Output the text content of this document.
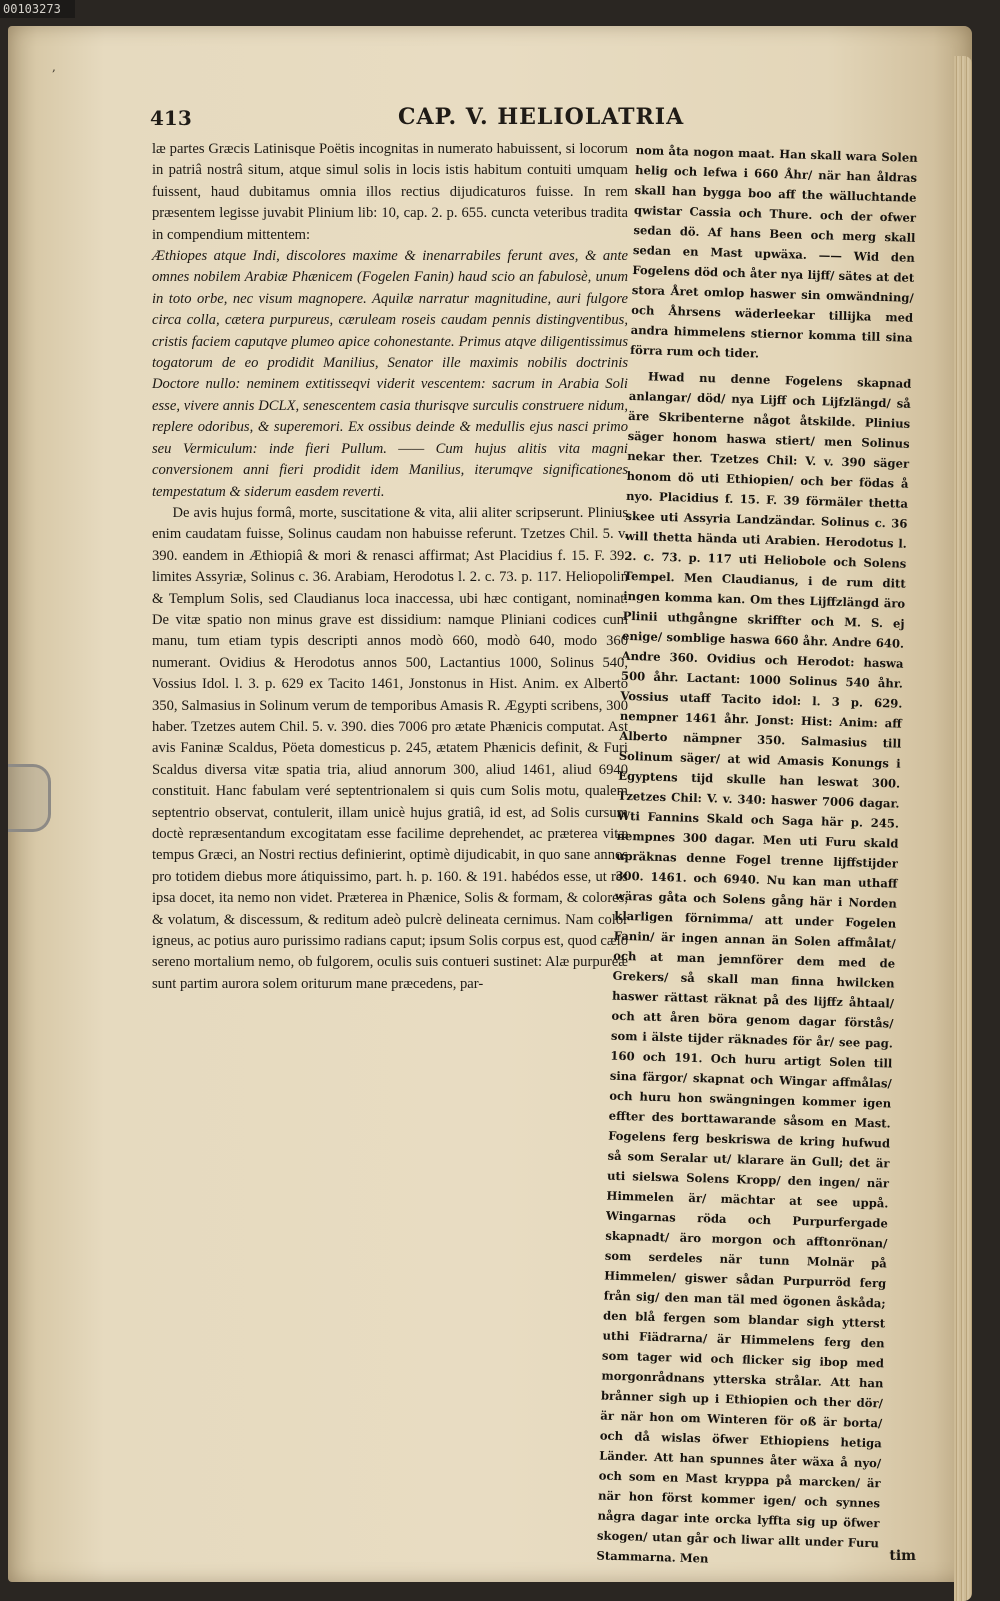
00103273
,
413	CAP. V. HELIOLATRIA

læ partes Græcis Latinisque Poëtis incognitas in numerato habuissent, si locorum in patriâ nostrâ situm, atque simul solis in locis istis habitum contuiti umquam fuissent, haud dubitamus omnia illos rectius dijudicaturos fuisse. In rem præsentem legisse juvabit Plinium lib: 10, cap. 2. p. 655. cuncta veteribus tradita in compendium mittentem:

Æthiopes atque Indi, discolores maxime & inenarrabiles ferunt aves, & ante omnes nobilem Arabiæ Phænicem (Fogelen Fanin) haud scio an fabulosè, unum in toto orbe, nec visum magnopere. Aquilæ narratur magnitudine, auri fulgore circa colla, cætera purpureus, cæruleam roseis caudam pennis distingventibus, cristis faciem caputqve plumeo apice cohonestante. Primus atqve diligentissimus togatorum de eo prodidit Manilius, Senator ille maximis nobilis doctrinis Doctore nullo: neminem extitisseqvi viderit vescentem: sacrum in Arabia Soli esse, vivere annis DCLX, senescentem casia thurisqve surculis construere nidum, replere odoribus, & superemori. Ex ossibus deinde & medullis ejus nasci primo seu Vermiculum: inde fieri Pullum. —— Cum hujus alitis vita magni conversionem anni fieri prodidit idem Manilius, iterumqve significationes tempestatum & siderum easdem reverti.

De avis hujus formâ, morte, suscitatione & vita, alii aliter scripserunt. Plinius enim caudatam fuisse, Solinus caudam non habuisse referunt. Tzetzes Chil. 5. v. 390. eandem in Æthiopiâ & mori & renasci affirmat; Ast Placidius f. 15. F. 39. limites Assyriæ, Solinus c. 36. Arabiam, Herodotus l. 2. c. 73. p. 117. Heliopolin & Templum Solis, sed Claudianus loca inaccessa, ubi hæc contigant, nominat. De vitæ spatio non minus grave est dissidium: namque Pliniani codices cum manu, tum etiam typis descripti annos modò 660, modò 640, modo 360 numerant. Ovidius & Herodotus annos 500, Lactantius 1000, Solinus 540, Vossius Idol. l. 3. p. 629 ex Tacito 1461, Jonstonus in Hist. Anim. ex Alberto 350, Salmasius in Solinum verum de temporibus Amasis R. Ægypti scribens, 300 haber. Tzetzes autem Chil. 5. v. 390. dies 7006 pro ætate Phænicis computat. Ast avis Faninæ Scaldus, Pöeta domesticus p. 245, ætatem Phænicis definit, & Furi Scaldus diversa vitæ spatia tria, aliud annorum 300, aliud 1461, aliud 6940 constituit. Hanc fabulam veré septentrionalem si quis cum Solis motu, qualem septentrio observat, contulerit, illam unicè hujus gratiâ, id est, ad Solis cursum doctè repræsentandum excogitatam esse facilime deprehendet, ac præterea vitæ tempus Græci, an Nostri rectius definierint, optimè dijudicabit, in quo sane annos pro totidem diebus more átiquissimo, part. h. p. 160. & 191. habédos esse, ut res ipsa docet, ita nemo non videt. Præterea in Phænice, Solis & formam, & colores, & volatum, & discessum, & reditum adeò pulcrè delineata cernimus. Nam color igneus, ac potius auro purissimo radians caput; ipsum Solis corpus est, quod cælo sereno mortalium nemo, ob fulgorem, oculis suis contueri sustinet: Alæ purpureæ sunt partim aurora solem oriturum mane præcedens, par-

nom åta nogon maat. Han skall wara Solen helig och lefwa i 660 Åhr/ när han åldras skall han bygga boo aff the wälluchtande qwistar Cassia och Thure. och der ofwer sedan dö. Af hans Been och merg skall sedan en Mast upwäxa. —— Wid den Fogelens död och åter nya lijff/ sätes at det stora Året omlop haswer sin omwändning/ och Åhrsens wäderleekar tillijka med andra himmelens stiernor komma till sina förra rum och tider.

Hwad nu denne Fogelens skapnad anlangar/ död/ nya Lijff och Lijfzlängd/ så äre Skribenterne något åtskilde. Plinius säger honom haswa stiert/ men Solinus nekar ther. Tzetzes Chil: V. v. 390 säger honom dö uti Ethiopien/ och ber födas å nyo. Placidius f. 15. F. 39 förmäler thetta skee uti Assyria Landzändar. Solinus c. 36 will thetta hända uti Arabien. Herodotus l. 2. c. 73. p. 117 uti Heliobole och Solens Tempel. Men Claudianus, i de rum ditt ingen komma kan. Om thes Lijffzlängd äro Plinii uthgångne skriffter och M. S. ej enige/ somblige haswa 660 åhr. Andre 640. Andre 360. Ovidius och Herodot: haswa 500 åhr. Lactant: 1000 Solinus 540 åhr. Vossius utaff Tacito idol: l. 3 p. 629. nempner 1461 åhr. Jonst: Hist: Anim: aff Alberto nämpner 350. Salmasius till Solinum säger/ at wid Amasis Konungs i Egyptens tijd skulle han leswat 300. Tzetzes Chil: V. v. 340: haswer 7006 dagar. Wti Fannins Skald och Saga här p. 245. nempnes 300 dagar. Men uti Furu skald upräknas denne Fogel trenne lijffstijder 300. 1461. och 6940. Nu kan man uthaff wäras gåta och Solens gång här i Norden klarligen förnimma/ att under Fogelen Fanin/ är ingen annan än Solen affmålat/ och at man jemnförer dem med de Grekers/ så skall man finna hwilcken haswer rättast räknat på des lijffz åhtaal/ och att åren böra genom dagar förstås/ som i älste tijder räknades för år/ see pag. 160 och 191. Och huru artigt Solen till sina färgor/ skapnat och Wingar affmålas/ och huru hon swängningen kommer igen effter des borttawarande såsom en Mast. Fogelens ferg beskriswa de kring hufwud så som Seralar ut/ klarare än Gull; det är uti sielswa Solens Kropp/ den ingen/ när Himmelen är/ mächtar at see uppå. Wingarnas röda och Purpurfergade skapnadt/ äro morgon och afftonrönan/ som serdeles när tunn Molnär på Himmelen/ giswer sådan Purpurröd ferg från sig/ den man täl med ögonen åskåda; den blå fergen som blandar sigh ytterst uthi Fiädrarna/ är Himmelens ferg den som tager wid och flicker sig ibop med morgonrådnans ytterska strålar. Att han brånner sigh up i Ethiopien och ther dör/ är när hon om Winteren för oß är borta/ och då wislas öfwer Ethiopiens hetiga Länder. Att han spunnes åter wäxa å nyo/ och som en Mast kryppa på marcken/ är när hon först kommer igen/ och synnes några dagar inte orcka lyffta sig up öfwer skogen/ utan går och liwar allt under Furu Stammarna. Men	tim
